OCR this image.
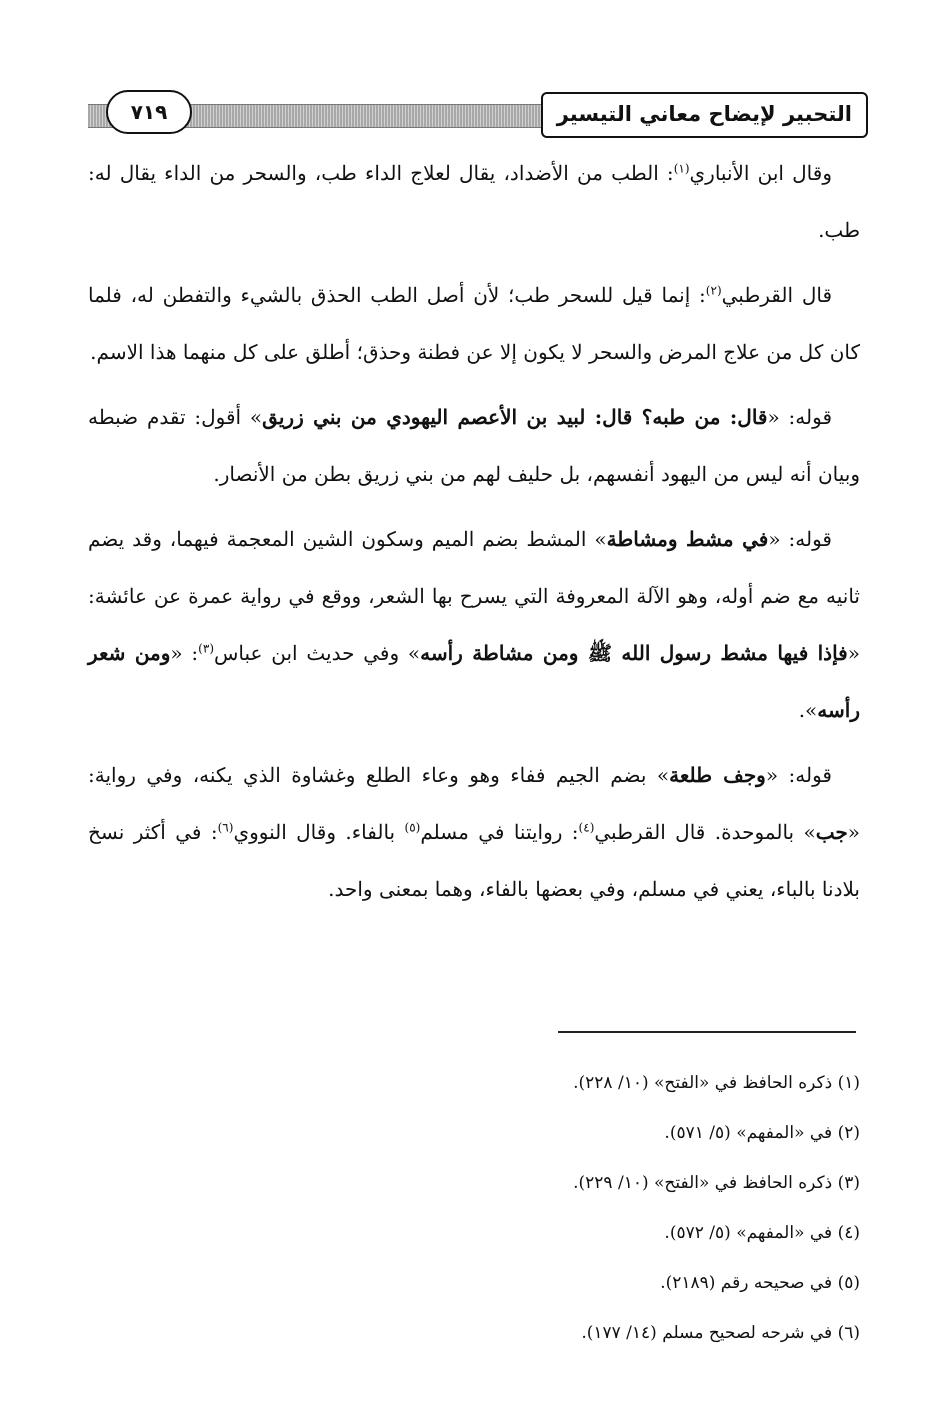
التحبير لإيضاح معاني التيسير
٧١٩

وقال ابن الأنباري$^{(١)}$: الطب من الأضداد، يقال لعلاج الداء طب، والسحر من الداء يقال له: طب.

قال القرطبي$^{(٢)}$: إنما قيل للسحر طب؛ لأن أصل الطب الحذق بالشيء والتفطن له، فلما كان كل من علاج المرض والسحر لا يكون إلا عن فطنة وحذق؛ أطلق على كل منهما هذا الاسم.

قوله: «قال: من طبه؟ قال: لبيد بن الأعصم اليهودي من بني زريق» أقول: تقدم ضبطه وبيان أنه ليس من اليهود أنفسهم، بل حليف لهم من بني زريق بطن من الأنصار.

قوله: «في مشط ومشاطة» المشط بضم الميم وسكون الشين المعجمة فيهما، وقد يضم ثانيه مع ضم أوله، وهو الآلة المعروفة التي يسرح بها الشعر، ووقع في رواية عمرة عن عائشة: «فإذا فيها مشط رسول الله ﷺ ومن مشاطة رأسه» وفي حديث ابن عباس$^{(٣)}$: «ومن شعر رأسه».

قوله: «وجف طلعة» بضم الجيم ففاء وهو وعاء الطلع وغشاوة الذي يكنه، وفي رواية: «جب» بالموحدة. قال القرطبي$^{(٤)}$: روايتنا في مسلم$^{(٥)}$ بالفاء. وقال النووي$^{(٦)}$: في أكثر نسخ بلادنا بالباء، يعني في مسلم، وفي بعضها بالفاء، وهما بمعنى واحد.

(١) ذكره الحافظ في «الفتح» (١٠/ ٢٢٨).
(٢) في «المفهم» (٥/ ٥٧١).
(٣) ذكره الحافظ في «الفتح» (١٠/ ٢٢٩).
(٤) في «المفهم» (٥/ ٥٧٢).
(٥) في صحيحه رقم (٢١٨٩).
(٦) في شرحه لصحيح مسلم (١٤/ ١٧٧).
